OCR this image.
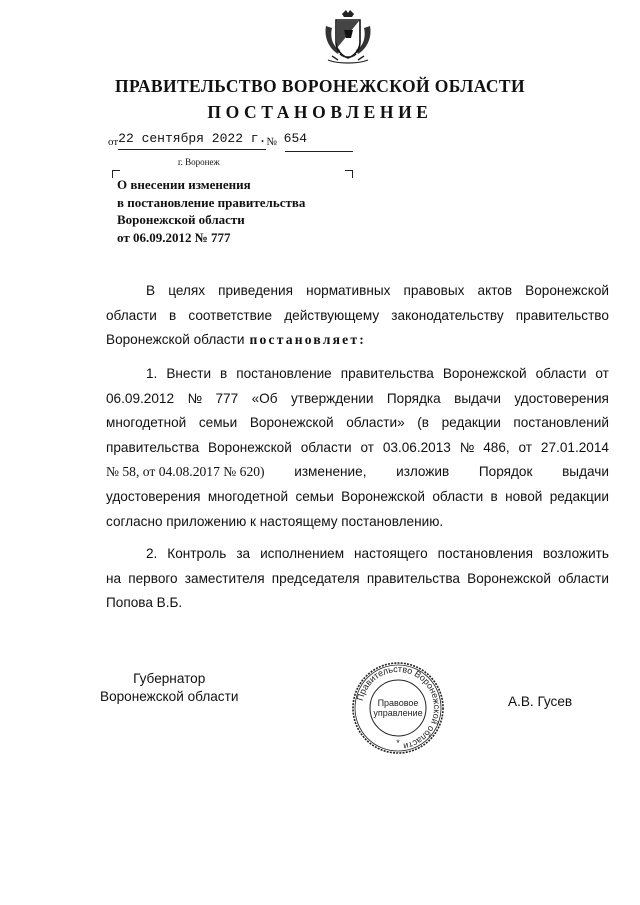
ПРАВИТЕЛЬСТВО ВОРОНЕЖСКОЙ ОБЛАСТИ
ПОСТАНОВЛЕНИЕ
от22 сентября 2022 г.№ 654
г. Воронеж
О внесении изменения
в постановление правительства
Воронежской области
от 06.09.2012 № 777
В целях приведения нормативных правовых актов Воронежской
области в соответствие действующему законодательству правительство
Воронежской области постановляет:
1. Внести в постановление правительства Воронежской области от
06.09.2012 № 777 «Об утверждении Порядка выдачи удостоверения
многодетной семьи Воронежской области» (в редакции постановлений
правительства Воронежской области от 03.06.2013 № 486, от 27.01.2014
№ 58, от 04.08.2017 № 620) изменение, изложив Порядок выдачи
удостоверения многодетной семьи Воронежской области в новой редакции
согласно приложению к настоящему постановлению.
2. Контроль за исполнением настоящего постановления возложить
на первого заместителя председателя правительства Воронежской области
Попова В.Б.
Губернатор
Воронежской области	А.В. Гусев
Правительство Воронежской области
Правовое
управление
*
